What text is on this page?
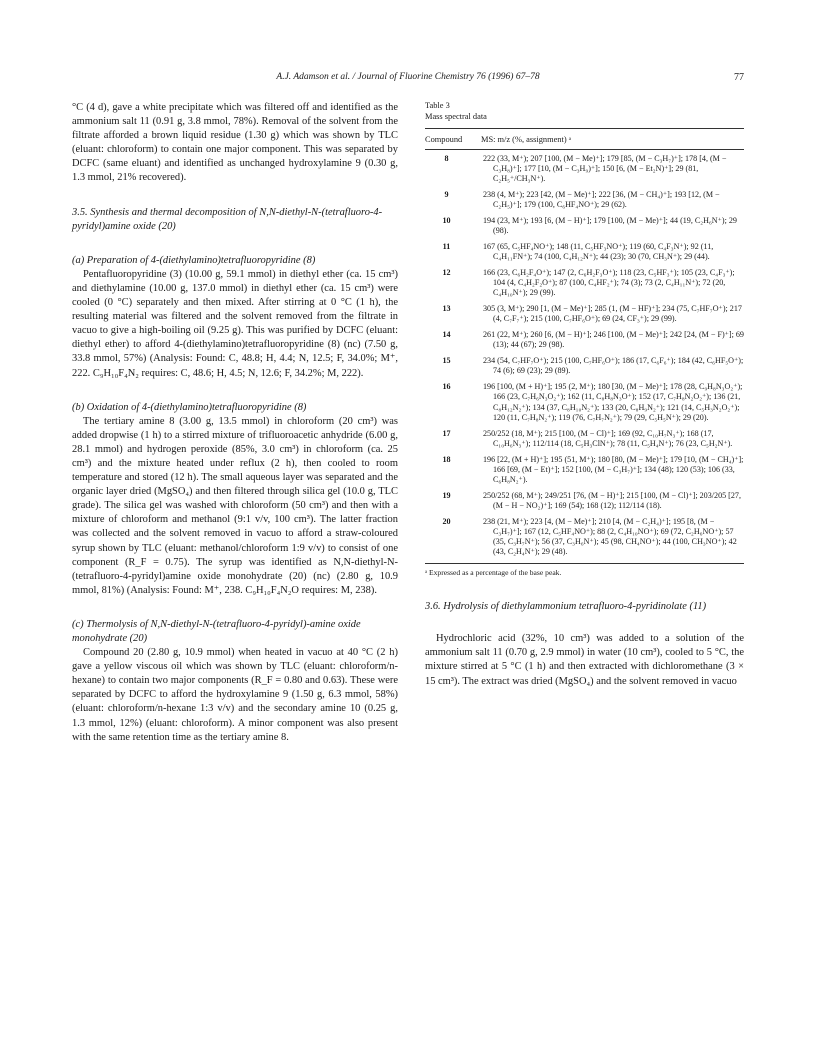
A.J. Adamson et al. / Journal of Fluorine Chemistry 76 (1996) 67–78	77

°C (4 d), gave a white precipitate which was filtered off and identified as the ammonium salt 11 (0.91 g, 3.8 mmol, 78%). Removal of the solvent from the filtrate afforded a brown liquid residue (1.30 g) which was shown by TLC (eluant: chloroform) to contain one major component. This was separated by DCFC (same eluant) and identified as unchanged hydroxylamine 9 (0.30 g, 1.3 mmol, 21% recovered).

3.5. Synthesis and thermal decomposition of N,N-diethyl-N-(tetrafluoro-4-pyridyl)amine oxide (20)
(a) Preparation of 4-(diethylamino)tetrafluoropyridine (8)

Pentafluoropyridine (3) (10.00 g, 59.1 mmol) in diethyl ether (ca. 15 cm³) and diethylamine (10.00 g, 137.0 mmol) in diethyl ether (ca. 15 cm³) were cooled (0 °C) separately and then mixed. After stirring at 0 °C (1 h), the resulting material was filtered and the solvent removed from the filtrate in vacuo to give a high-boiling oil (9.25 g). This was purified by DCFC (eluant: diethyl ether) to afford 4-(diethylamino)tetrafluoropyridine (8) (nc) (7.50 g, 33.8 mmol, 57%) (Analysis: Found: C, 48.8; H, 4.4; N, 12.5; F, 34.0%; M⁺, 222. C₉H₁₀F₄N₂ requires: C, 48.6; H, 4.5; N, 12.6; F, 34.2%; M, 222).

(b) Oxidation of 4-(diethylamino)tetrafluoropyridine (8)

The tertiary amine 8 (3.00 g, 13.5 mmol) in chloroform (20 cm³) was added dropwise (1 h) to a stirred mixture of trifluoroacetic anhydride (6.00 g, 28.1 mmol) and hydrogen peroxide (85%, 3.0 cm³) in chloroform (ca. 25 cm³) and the mixture heated under reflux (2 h), then cooled to room temperature and stored (12 h). The small aqueous layer was separated and the organic layer dried (MgSO₄) and then filtered through silica gel (10.0 g, TLC grade). The silica gel was washed with chloroform (50 cm³) and then with a mixture of chloroform and methanol (9:1 v/v, 100 cm³). The latter fraction was collected and the solvent removed in vacuo to afford a straw-coloured syrup shown by TLC (eluant: methanol/chloroform 1:9 v/v) to consist of one component (R_F = 0.75). The syrup was identified as N,N-diethyl-N-(tetrafluoro-4-pyridyl)amine oxide monohydrate (20) (nc) (2.80 g, 10.9 mmol, 81%) (Analysis: Found: M⁺, 238. C₉H₁₀F₄N₂O requires: M, 238).

(c) Thermolysis of N,N-diethyl-N-(tetrafluoro-4-pyridyl)-amine oxide monohydrate (20)

Compound 20 (2.80 g, 10.9 mmol) when heated in vacuo at 40 °C (2 h) gave a yellow viscous oil which was shown by TLC (eluant: chloroform/n-hexane) to contain two major components (R_F = 0.80 and 0.63). These were separated by DCFC to afford the hydroxylamine 9 (1.50 g, 6.3 mmol, 58%) (eluant: chloroform/n-hexane 1:3 v/v) and the secondary amine 10 (0.25 g, 1.3 mmol, 12%) (eluant: chloroform). A minor component was also present with the same retention time as the tertiary amine 8.

Table 3
Mass spectral data
Compound	MS: m/z (%, assignment) ᵃ
8	222 (33, M⁺); 207 [100, (M − Me)⁺]; 179 [85, (M − C₃H₇)⁺]; 178 [4, (M − C₃H₈)⁺]; 177 [10, (M − C₃H₉)⁺]; 150 [6, (M − Et₂N)⁺]; 29 (81, C₂H₅⁺/CH₃N⁺).
9	238 (4, M⁺); 223 [42, (M − Me)⁺]; 222 [36, (M − CH₄)⁺]; 193 [12, (M − C₂H₅)⁺]; 179 (100, C₆HF₄NO⁺); 29 (62).
10	194 (23, M⁺); 193 [6, (M − H)⁺]; 179 [100, (M − Me)⁺]; 44 (19, C₂H₆N⁺); 29 (98).
11	167 (65, C₅HF₄NO⁺); 148 (11, C₅HF₃NO⁺); 119 (60, C₄F₃N⁺); 92 (11, C₄H₁₁FN⁺); 74 (100, C₄H₁₂N⁺); 44 (23); 30 (70, CH₃N⁺); 29 (44).
12	166 (23, C₆H₂F₄O⁺); 147 (2, C₆H₂F₃O⁺); 118 (23, C₅HF₃⁺); 105 (23, C₄F₃⁺); 104 (4, C₄H₂F₂O⁺); 87 (100, C₄HF₂⁺); 74 (3); 73 (2, C₄H₁₁N⁺); 72 (20, C₄H₁₀N⁺); 29 (99).
13	305 (3, M⁺); 290 [1, (M − Me)⁺]; 285 (1, (M − HF)⁺]; 234 (75, C₇HF₇O⁺); 217 (4, C₇F₇⁺); 215 (100, C₇HF₆O⁺); 69 (24, CF₃⁺); 29 (99).
14	261 (22, M⁺); 260 [6, (M − H)⁺]; 246 [100, (M − Me)⁺]; 242 [24, (M − F)⁺]; 69 (13); 44 (67); 29 (98).
15	234 (54, C₇HF₇O⁺); 215 (100, C₇HF₆O⁺); 186 (17, C₆F₆⁺); 184 (42, C₆HF₅O⁺); 74 (6); 69 (23); 29 (89).
16	196 [100, (M + H)⁺]; 195 (2, M⁺); 180 [30, (M − Me)⁺]; 178 (28, C₉H₈N₃O₂⁺); 166 (23, C₇H₆N₃O₂⁺); 162 (11, C₈H₈N₃O⁺); 152 (17, C₇H₈N₂O₂⁺); 136 (21, C₈H₁₂N₂⁺); 134 (37, C₈H₁₀N₂⁺); 133 (20, C₈H₉N₂⁺); 121 (14, C₅H₃N₂O₂⁺); 120 (11, C₇H₈N₂⁺); 119 (76, C₇H₇N₂⁺); 79 (29, C₅H₅N⁺); 29 (20).
17	250/252 (18, M⁺); 215 [100, (M − Cl)⁺]; 169 (92, C₁₀H₇N₃⁺); 168 (17, C₁₀H₆N₃⁺); 112/114 (18, C₅H₃ClN⁺); 78 (11, C₅H₄N⁺); 76 (23, C₅H₂N⁺).
18	196 [22, (M + H)⁺]; 195 (51, M⁺); 180 [80, (M − Me)⁺]; 179 [10, (M − CH₄)⁺]; 166 [69, (M − Et)⁺]; 152 [100, (M − C₃H₇)⁺]; 134 (48); 120 (53); 106 (33, C₆H₈N₂⁺).
19	250/252 (68, M⁺); 249/251 [76, (M − H)⁺]; 215 [100, (M − Cl)⁺]; 203/205 [27, (M − H − NO₂)⁺]; 169 (54); 168 (12); 112/114 (18).
20	238 (21, M⁺); 223 [4, (M − Me)⁺]; 210 [4, (M − C₂H₄)⁺]; 195 [8, (M − C₃H₇)⁺]; 167 (12, C₅HF₄NO⁺); 88 (2, C₄H₁₀NO⁺); 69 (72, C₂H₆NO⁺); 57 (35, C₃H₇N⁺); 56 (37, C₃H₆N⁺); 45 (98, CH₄NO⁺); 44 (100, CH₃NO⁺); 42 (43, C₂H₄N⁺); 29 (48).
ᵃ Expressed as a percentage of the base peak.
3.6. Hydrolysis of diethylammonium tetrafluoro-4-pyridinolate (11)

Hydrochloric acid (32%, 10 cm³) was added to a solution of the ammonium salt 11 (0.70 g, 2.9 mmol) in water (10 cm³), cooled to 5 °C, the mixture stirred at 5 °C (1 h) and then extracted with dichloromethane (3 × 15 cm³). The extract was dried (MgSO₄) and the solvent removed in vacuo
